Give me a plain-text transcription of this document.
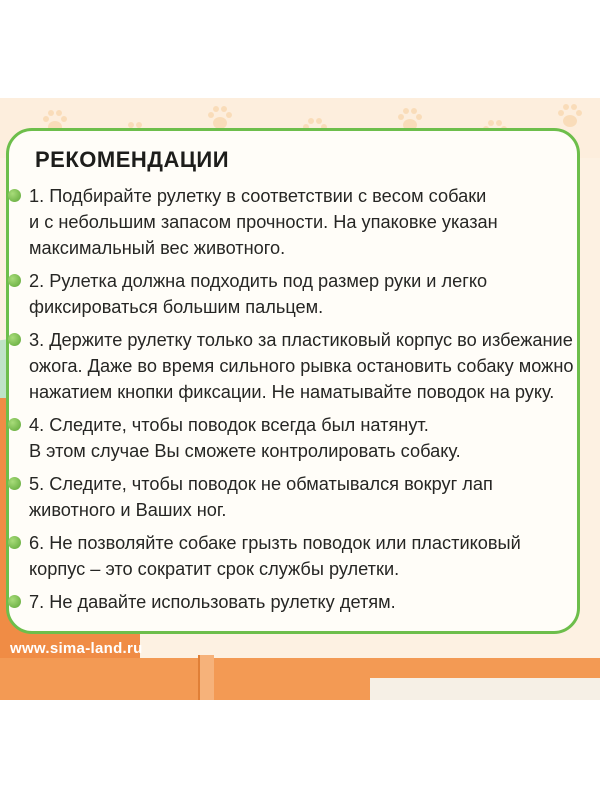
РЕКОМЕНДАЦИИ
1. Подбирайте рулетку в соответствии с весом собаки
и с небольшим запасом прочности. На упаковке указан
максимальный вес животного.
2. Рулетка должна подходить под размер руки и легко
фиксироваться большим пальцем.
3. Держите рулетку только за пластиковый корпус во избежание
ожога. Даже во время сильного рывка остановить собаку можно
нажатием кнопки фиксации. Не наматывайте поводок на руку.
4. Следите, чтобы поводок всегда был натянут.
В этом случае Вы сможете контролировать собаку.
5. Следите, чтобы поводок не обматывался вокруг лап
животного и Ваших ног.
6. Не позволяйте собаке грызть поводок или пластиковый
корпус – это сократит срок службы рулетки.
7. Не давайте использовать рулетку детям.
www.sima-land.ru
